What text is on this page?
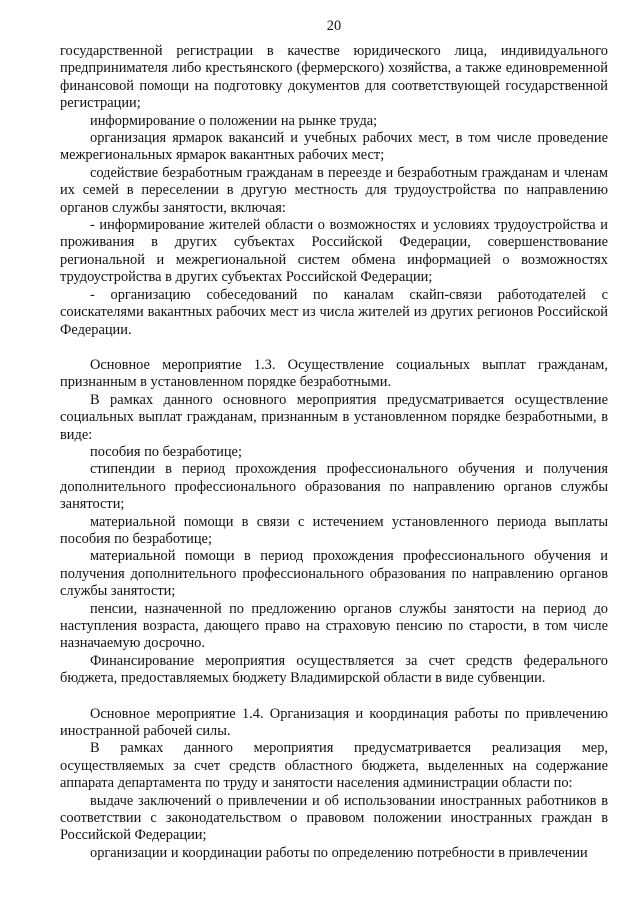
20

государственной регистрации в качестве юридического лица, индивидуального предпринимателя либо крестьянского (фермерского) хозяйства, а также единовременной финансовой помощи на подготовку документов для соответствующей государственной регистрации;

информирование о положении на рынке труда;

организация ярмарок вакансий и учебных рабочих мест, в том числе проведение межрегиональных ярмарок вакантных рабочих мест;

содействие безработным гражданам в переезде и безработным гражданам и членам их семей в переселении в другую местность для трудоустройства по направлению органов службы занятости, включая:

- информирование жителей области о возможностях и условиях трудоустройства и проживания в других субъектах Российской Федерации, совершенствование региональной и межрегиональной систем обмена информацией о возможностях трудоустройства в других субъектах Российской Федерации;

- организацию собеседований по каналам скайп-связи работодателей с соискателями вакантных рабочих мест из числа жителей из других регионов Российской Федерации.

Основное мероприятие 1.3. Осуществление социальных выплат гражданам, признанным в установленном порядке безработными.

В рамках данного основного мероприятия предусматривается осуществление социальных выплат гражданам, признанным в установленном порядке безработными, в виде:

пособия по безработице;

стипендии в период прохождения профессионального обучения и получения дополнительного профессионального образования по направлению органов службы занятости;

материальной помощи в связи с истечением установленного периода выплаты пособия по безработице;

материальной помощи в период прохождения профессионального обучения и получения дополнительного профессионального образования по направлению органов службы занятости;

пенсии, назначенной по предложению органов службы занятости на период до наступления возраста, дающего право на страховую пенсию по старости, в том числе назначаемую досрочно.

Финансирование мероприятия осуществляется за счет средств федерального бюджета, предоставляемых бюджету Владимирской области в виде субвенции.

Основное мероприятие 1.4. Организация и координация работы по привлечению иностранной рабочей силы.

В рамках данного мероприятия предусматривается реализация мер, осуществляемых за счет средств областного бюджета, выделенных на содержание аппарата департамента по труду и занятости населения администрации области по:

выдаче заключений о привлечении и об использовании иностранных работников в соответствии с законодательством о правовом положении иностранных граждан в Российской Федерации;

организации и координации работы по определению потребности в привлечении
